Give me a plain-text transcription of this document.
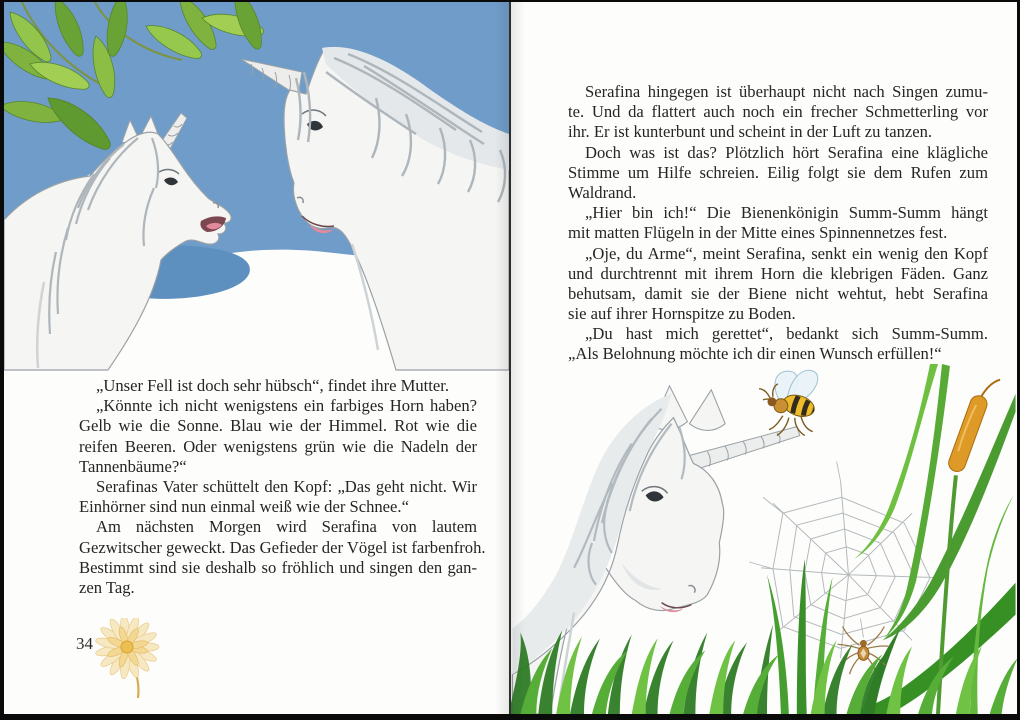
„Unser Fell ist doch sehr hübsch“, findet ihre Mutter.
„Könnte ich nicht wenigstens ein farbiges Horn haben?
Gelb wie die Sonne. Blau wie der Himmel. Rot wie die
reifen Beeren. Oder wenigstens grün wie die Nadeln der
Tannenbäume?“
Serafinas Vater schüttelt den Kopf: „Das geht nicht. Wir
Einhörner sind nun einmal weiß wie der Schnee.“
Am nächsten Morgen wird Serafina von lautem
Gezwitscher geweckt. Das Gefieder der Vögel ist farbenfroh.
Bestimmt sind sie deshalb so fröhlich und singen den gan-
zen Tag.
34
Serafina hingegen ist überhaupt nicht nach Singen zumu-
te. Und da flattert auch noch ein frecher Schmetterling vor
ihr. Er ist kunterbunt und scheint in der Luft zu tanzen.
Doch was ist das? Plötzlich hört Serafina eine klägliche
Stimme um Hilfe schreien. Eilig folgt sie dem Rufen zum
Waldrand.
„Hier bin ich!“ Die Bienenkönigin Summ-Summ hängt
mit matten Flügeln in der Mitte eines Spinnennetzes fest.
„Oje, du Arme“, meint Serafina, senkt ein wenig den Kopf
und durchtrennt mit ihrem Horn die klebrigen Fäden. Ganz
behutsam, damit sie der Biene nicht wehtut, hebt Serafina
sie auf ihrer Hornspitze zu Boden.
„Du hast mich gerettet“, bedankt sich Summ-Summ.
„Als Belohnung möchte ich dir einen Wunsch erfüllen!“
